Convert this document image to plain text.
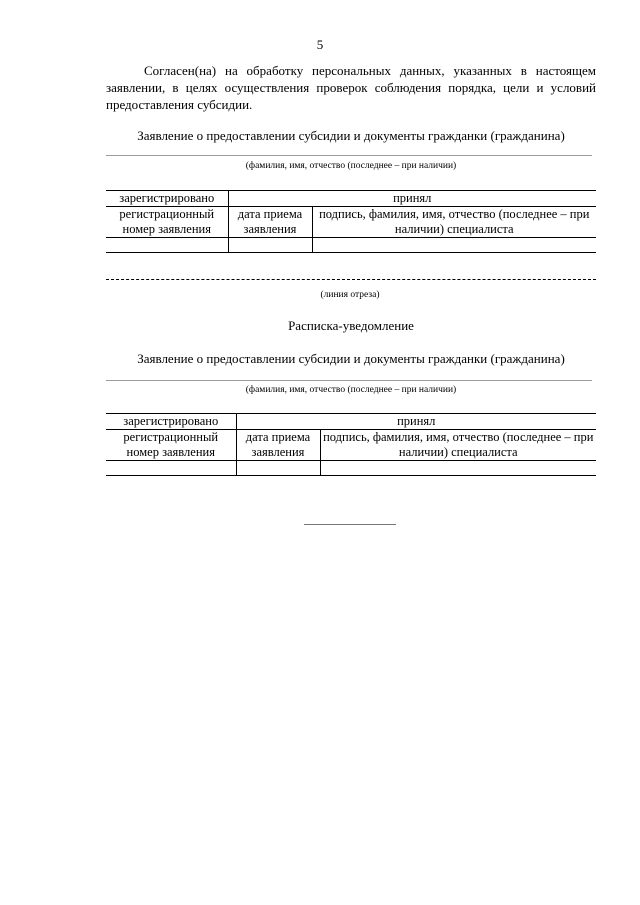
5
Согласен(на) на обработку персональных данных, указанных в настоящем заявлении, в целях осуществления проверок соблюдения порядка, цели и условий предоставления субсидии.
Заявление о предоставлении субсидии и документы гражданки (гражданина)
(фамилия, имя, отчество (последнее – при наличии)
зарегистрировано	принял	
регистрационный номер заявления	дата приема заявления	подпись, фамилия, имя, отчество (последнее – при наличии) специалиста

(линия отреза)
Расписка-уведомление
Заявление о предоставлении субсидии и документы гражданки (гражданина)
(фамилия, имя, отчество (последнее – при наличии)
зарегистрировано	принял	
регистрационный номер заявления	дата приема заявления	подпись, фамилия, имя, отчество (последнее – при наличии) специалиста
